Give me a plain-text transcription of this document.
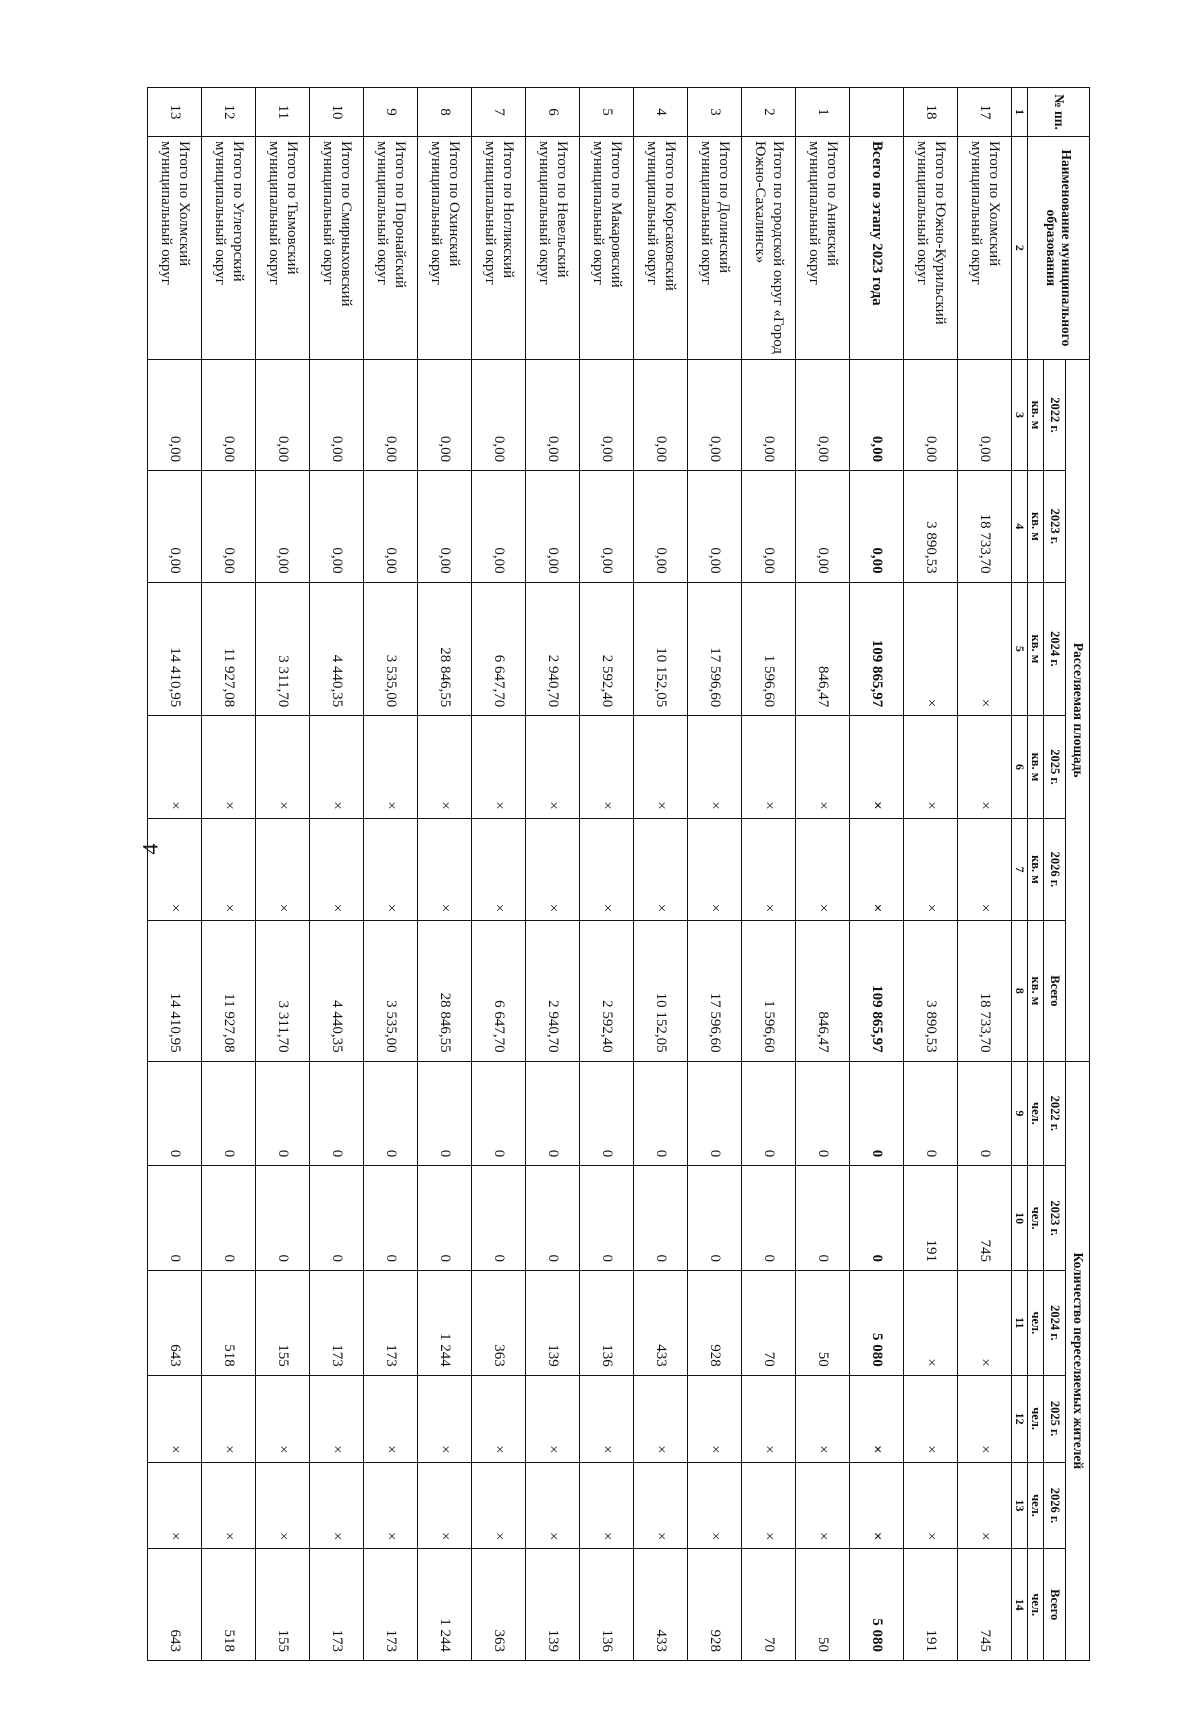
4
№ пп.	Наименование муниципального образования	Расселяемая площадь						Количество переселяемых жителей					
		2022 г.	2023 г.	2024 г.	2025 г.	2026 г.	Всего	2022 г.	2023 г.	2024 г.	2025 г.	2026 г.	Всего
		кв. м	кв. м	кв. м	кв. м	кв. м	кв. м	чел.	чел.	чел.	чел.	чел.	чел.
1	2	3	4	5	6	7	8	9	10	11	12	13	14
17	Итого по Холмский муниципальный округ	0,00	18 733,70	×	×	×	18 733,70	0	745	×	×	×	745
18	Итого по Южно-Курильский муниципальный округ	0,00	3 890,53	×	×	×	3 890,53	0	191	×	×	×	191
	Всего по этапу 2023 года	0,00	0,00	109 865,97	×	×	109 865,97	0	0	5 080	×	×	5 080
1	Итого по Анивский муниципальный округ	0,00	0,00	846,47	×	×	846,47	0	0	50	×	×	50
2	Итого по городской округ «Город Южно-Сахалинск»	0,00	0,00	1 596,60	×	×	1 596,60	0	0	70	×	×	70
3	Итого по Долинский муниципальный округ	0,00	0,00	17 596,60	×	×	17 596,60	0	0	928	×	×	928
4	Итого по Корсаковский муниципальный округ	0,00	0,00	10 152,05	×	×	10 152,05	0	0	433	×	×	433
5	Итого по Макаровский муниципальный округ	0,00	0,00	2 592,40	×	×	2 592,40	0	0	136	×	×	136
6	Итого по Невельский муниципальный округ	0,00	0,00	2 940,70	×	×	2 940,70	0	0	139	×	×	139
7	Итого по Ногликский муниципальный округ	0,00	0,00	6 647,70	×	×	6 647,70	0	0	363	×	×	363
8	Итого по Охинский муниципальный округ	0,00	0,00	28 846,55	×	×	28 846,55	0	0	1 244	×	×	1 244
9	Итого по Поронайский муниципальный округ	0,00	0,00	3 535,00	×	×	3 535,00	0	0	173	×	×	173
10	Итого по Смирныховский муниципальный округ	0,00	0,00	4 440,35	×	×	4 440,35	0	0	173	×	×	173
11	Итого по Тымовский муниципальный округ	0,00	0,00	3 311,70	×	×	3 311,70	0	0	155	×	×	155
12	Итого по Углегорский муниципальный округ	0,00	0,00	11 927,08	×	×	11 927,08	0	0	518	×	×	518
13	Итого по Холмский муниципальный округ	0,00	0,00	14 410,95	×	×	14 410,95	0	0	643	×	×	643
